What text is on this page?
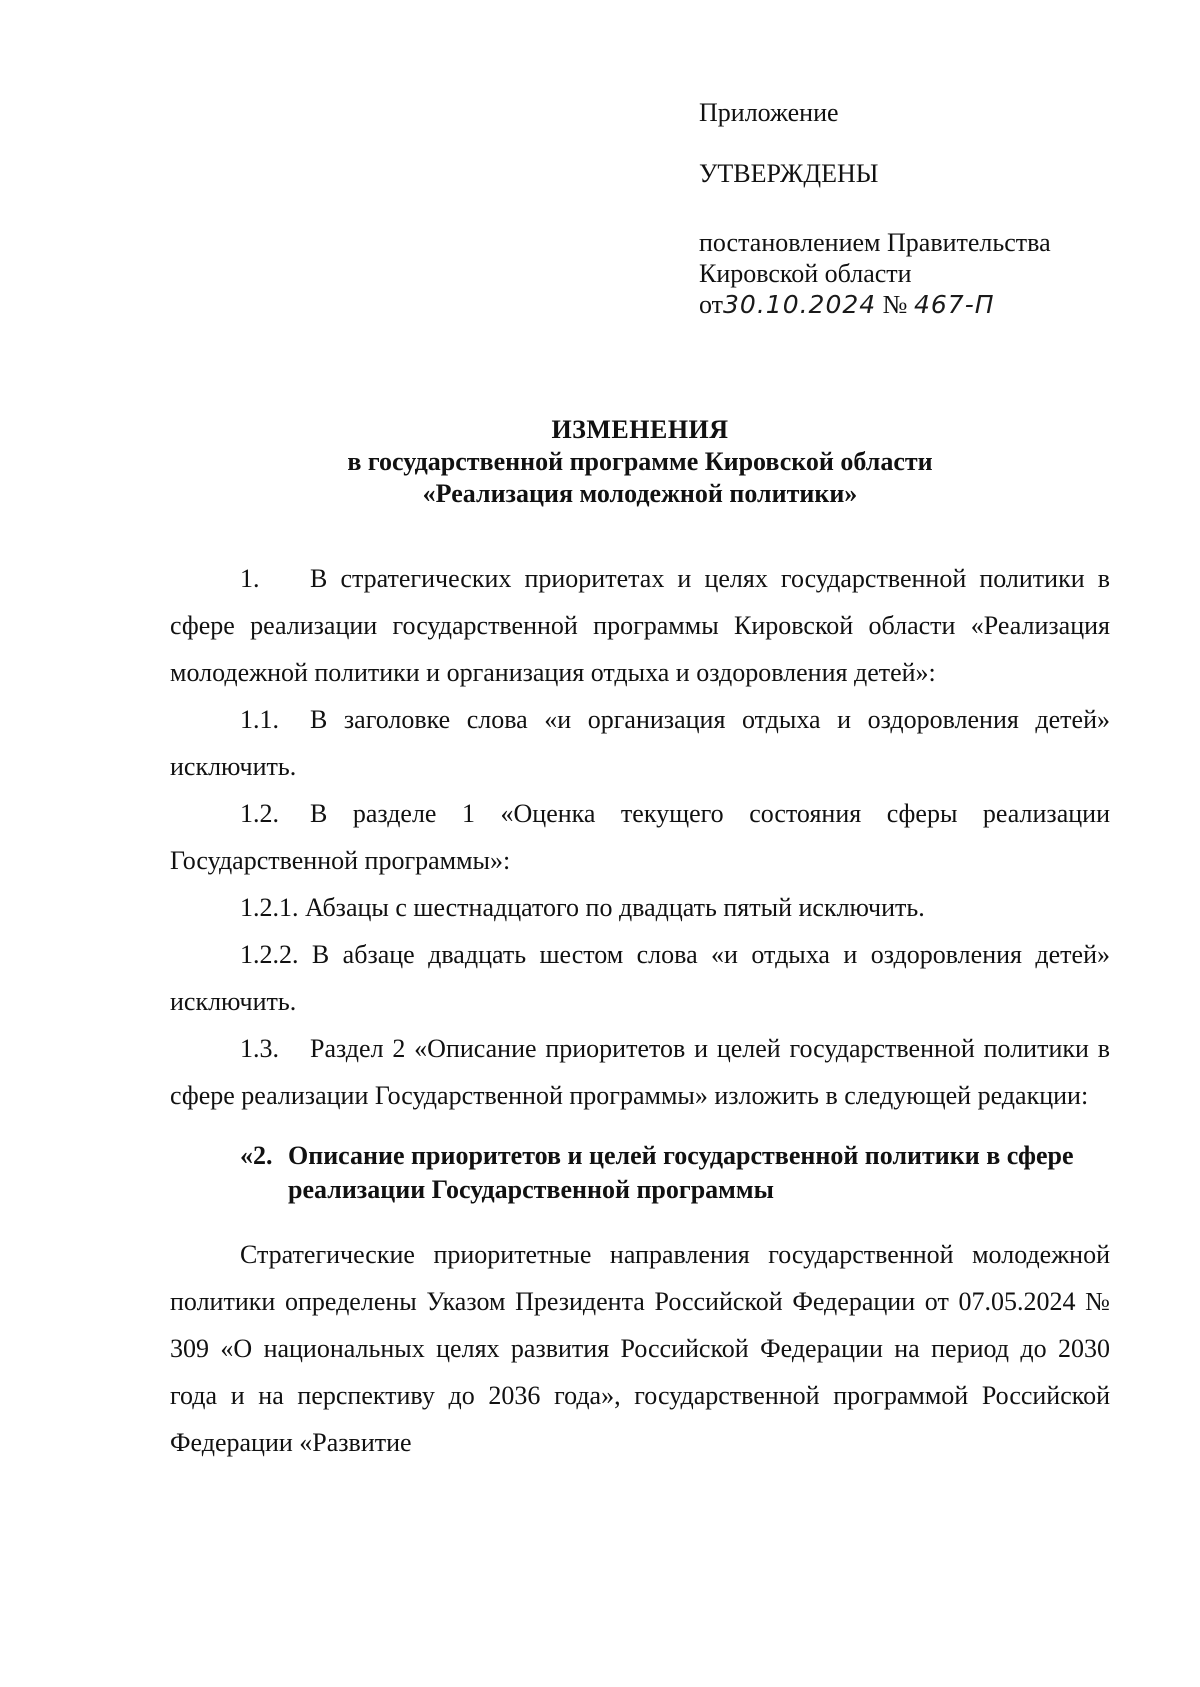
Приложение
УТВЕРЖДЕНЫ
постановлением Правительства
Кировской области
от30.10.2024 № 467-П
ИЗМЕНЕНИЯ
в государственной программе Кировской области
«Реализация молодежной политики»

1. В стратегических приоритетах и целях государственной политики в сфере реализации государственной программы Кировской области «Реализация молодежной политики и организация отдыха и оздоровления детей»:

1.1. В заголовке слова «и организация отдыха и оздоровления детей» исключить.

1.2. В разделе 1 «Оценка текущего состояния сферы реализации Государственной программы»:

1.2.1. Абзацы с шестнадцатого по двадцать пятый исключить.

1.2.2. В абзаце двадцать шестом слова «и отдыха и оздоровления детей» исключить.

1.3. Раздел 2 «Описание приоритетов и целей государственной политики в сфере реализации Государственной программы» изложить в следующей редакции:

«2. Описание приоритетов и целей государственной политики в сфере реализации Государственной программы

Стратегические приоритетные направления государственной молодежной политики определены Указом Президента Российской Федерации от 07.05.2024 № 309 «О национальных целях развития Российской Федерации на период до 2030 года и на перспективу до 2036 года», государственной программой Российской Федерации «Развитие
